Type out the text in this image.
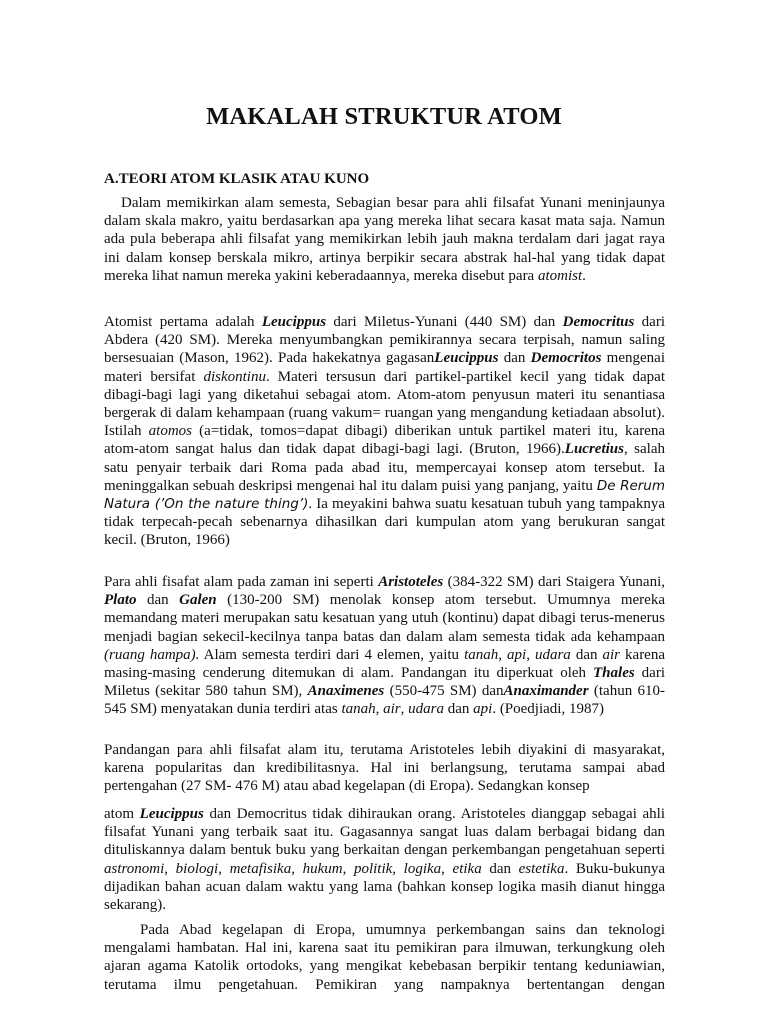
MAKALAH STRUKTUR ATOM
A.TEORI ATOM KLASIK ATAU KUNO
Dalam memikirkan alam semesta, Sebagian besar para ahli filsafat Yunani meninjaunya dalam skala makro, yaitu berdasarkan apa yang mereka lihat secara kasat mata saja. Namun ada pula beberapa ahli filsafat yang memikirkan lebih jauh makna terdalam dari jagat raya ini dalam konsep berskala mikro, artinya berpikir secara abstrak hal-hal yang tidak dapat mereka lihat namun mereka yakini keberadaannya, mereka disebut para atomist.
Atomist pertama adalah Leucippus dari Miletus-Yunani (440 SM) dan Democritus dari Abdera (420 SM). Mereka menyumbangkan pemikirannya secara terpisah, namun saling bersesuaian (Mason, 1962). Pada hakekatnya gagasanLeucippus dan Democritos mengenai materi bersifat diskontinu. Materi tersusun dari partikel-partikel kecil yang tidak dapat dibagi-bagi lagi yang diketahui sebagai atom. Atom-atom penyusun materi itu senantiasa bergerak di dalam kehampaan (ruang vakum= ruangan yang mengandung ketiadaan absolut). Istilah atomos (a=tidak, tomos=dapat dibagi) diberikan untuk partikel materi itu, karena atom-atom sangat halus dan tidak dapat dibagi-bagi lagi. (Bruton, 1966).Lucretius, salah satu penyair terbaik dari Roma pada abad itu, mempercayai konsep atom tersebut. Ia meninggalkan sebuah deskripsi mengenai hal itu dalam puisi yang panjang, yaitu De Rerum Natura (’On the nature thing’). Ia meyakini bahwa suatu kesatuan tubuh yang tampaknya tidak terpecah-pecah sebenarnya dihasilkan dari kumpulan atom yang berukuran sangat kecil. (Bruton, 1966)
Para ahli fisafat alam pada zaman ini seperti Aristoteles (384-322 SM) dari Staigera Yunani, Plato dan Galen (130-200 SM) menolak konsep atom tersebut. Umumnya mereka memandang materi merupakan satu kesatuan yang utuh (kontinu) dapat dibagi terus-menerus menjadi bagian sekecil-kecilnya tanpa batas dan dalam alam semesta tidak ada kehampaan (ruang hampa). Alam semesta terdiri dari 4 elemen, yaitu tanah, api, udara dan air karena masing-masing cenderung ditemukan di alam. Pandangan itu diperkuat oleh Thales dari Miletus (sekitar 580 tahun SM), Anaximenes (550-475 SM) danAnaximander (tahun 610-545 SM) menyatakan dunia terdiri atas tanah, air, udara dan api. (Poedjiadi, 1987)
Pandangan para ahli filsafat alam itu, terutama Aristoteles lebih diyakini di masyarakat, karena popularitas dan kredibilitasnya. Hal ini berlangsung, terutama sampai abad pertengahan (27 SM- 476 M) atau abad kegelapan (di Eropa). Sedangkan konsep
atom Leucippus dan Democritus tidak dihiraukan orang. Aristoteles dianggap sebagai ahli filsafat Yunani yang terbaik saat itu. Gagasannya sangat luas dalam berbagai bidang dan dituliskannya dalam bentuk buku yang berkaitan dengan perkembangan pengetahuan seperti astronomi, biologi, metafisika, hukum, politik, logika, etika dan estetika. Buku-bukunya dijadikan bahan acuan dalam waktu yang lama (bahkan konsep logika masih dianut hingga sekarang).
Pada Abad kegelapan di Eropa, umumnya perkembangan sains dan teknologi mengalami hambatan. Hal ini, karena saat itu pemikiran para ilmuwan, terkungkung oleh ajaran agama Katolik ortodoks, yang mengikat kebebasan berpikir tentang keduniawian, terutama ilmu pengetahuan. Pemikiran yang nampaknya bertentangan dengan
